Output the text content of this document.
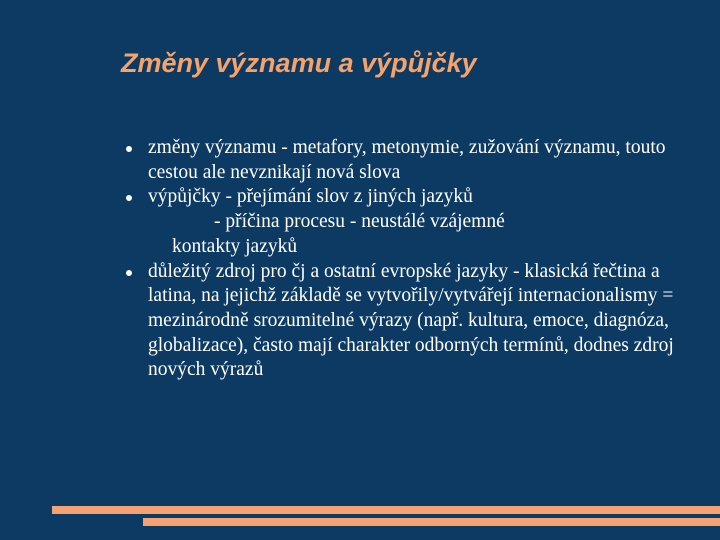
Změny významu a výpůjčky
změny významu - metafory, metonymie, zužování významu, touto cestou ale nevznikají nová slova
výpůjčky - přejímání slov z jiných jazyků
- příčina procesu - neustálé vzájemné
kontakty jazyků
důležitý zdroj pro čj a ostatní evropské jazyky - klasická řečtina a latina, na jejichž základě se vytvořily/vytvářejí internacionalismy = mezinárodně srozumitelné výrazy (např. kultura, emoce, diagnóza, globalizace), často mají charakter odborných termínů, dodnes zdroj nových výrazů
